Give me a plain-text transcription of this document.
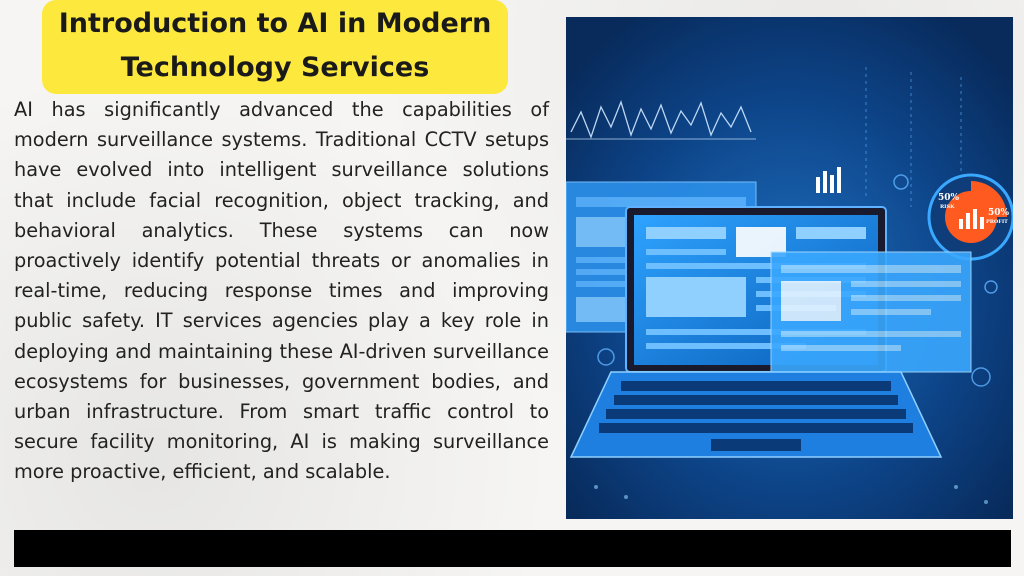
Introduction to AI in Modern Technology Services

AI has significantly advanced the capabilities of modern surveillance systems. Traditional CCTV setups have evolved into intelligent surveillance solutions that include facial recognition, object tracking, and behavioral analytics. These systems can now proactively identify potential threats or anomalies in real-time, reducing response times and improving public safety. IT services agencies play a key role in deploying and maintaining these AI-driven surveillance ecosystems for businesses, government bodies, and urban infrastructure. From smart traffic control to secure facility monitoring, AI is making surveillance more proactive, efficient, and scalable.

50%
RISK
50%
PROFIT
